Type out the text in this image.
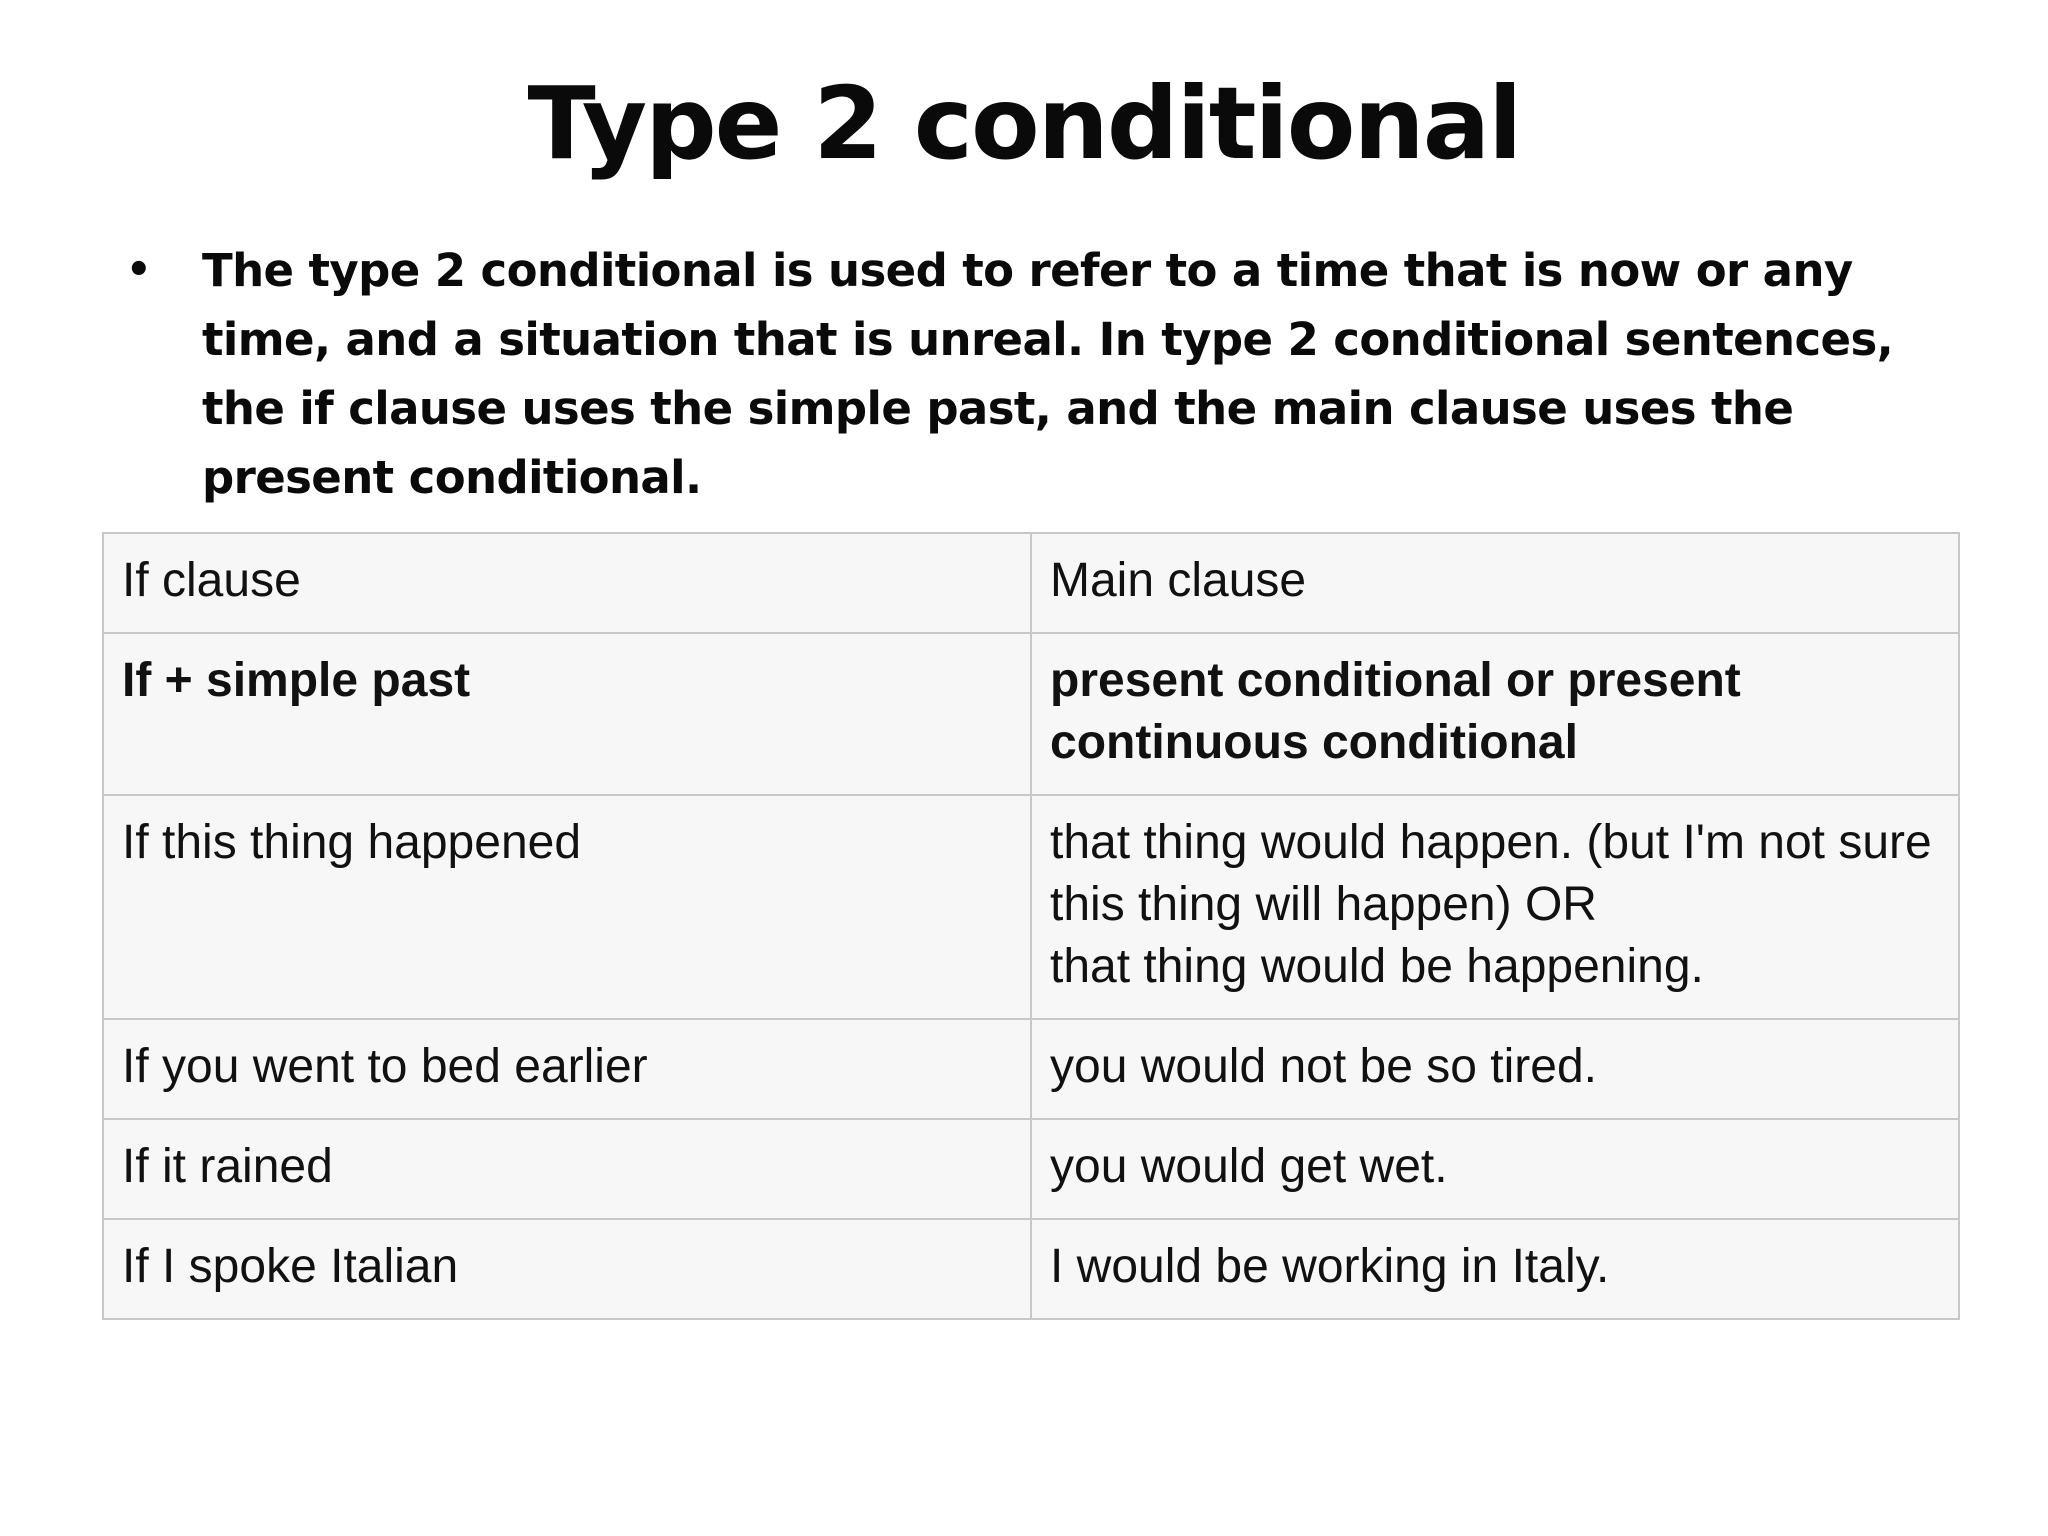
Type 2 conditional
• The type 2 conditional is used to refer to a time that is now or any time, and a situation that is unreal. In type 2 conditional sentences, the if clause uses the simple past, and the main clause uses the present conditional.
If clause	Main clause
If + simple past	present conditional or present continuous conditional
If this thing happened	that thing would happen. (but I'm not sure this thing will happen) OR
that thing would be happening.

If you went to bed earlier	you would not be so tired.
If it rained	you would get wet.
If I spoke Italian	I would be working in Italy.
